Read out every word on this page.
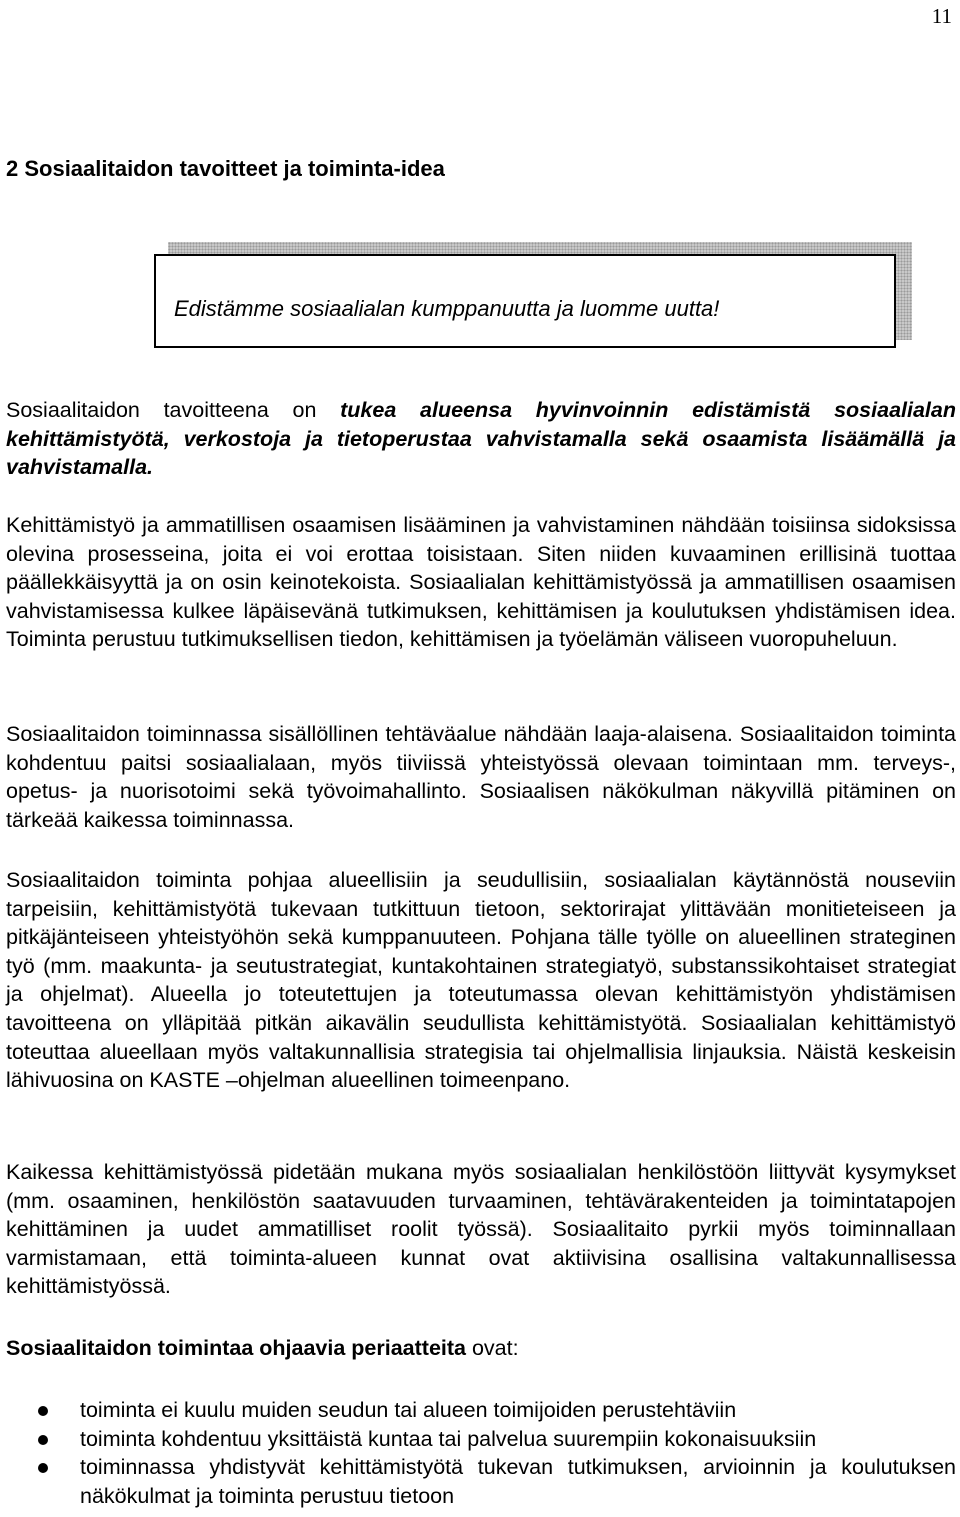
11
2 Sosiaalitaidon tavoitteet ja toiminta-idea
Edistämme sosiaalialan kumppanuutta ja luomme uutta!

Sosiaalitaidon tavoitteena on tukea alueensa hyvinvoinnin edistämistä sosiaalialan kehittämistyötä, verkostoja ja tietoperustaa vahvistamalla sekä osaamista lisäämällä ja vahvistamalla.

Kehittämistyö ja ammatillisen osaamisen lisääminen ja vahvistaminen nähdään toisiinsa sidoksissa olevina prosesseina, joita ei voi erottaa toisistaan. Siten niiden kuvaaminen erillisinä tuottaa päällekkäisyyttä ja on osin keinotekoista. Sosiaalialan kehittämistyössä ja ammatillisen osaamisen vahvistamisessa kulkee läpäisevänä tutkimuksen, kehittämisen ja koulutuksen yhdistämisen idea. Toiminta perustuu tutkimuksellisen tiedon, kehittämisen ja työelämän väliseen vuoropuheluun.

Sosiaalitaidon toiminnassa sisällöllinen tehtäväalue nähdään laaja-alaisena. Sosiaalitaidon toiminta kohdentuu paitsi sosiaalialaan, myös tiiviissä yhteistyössä olevaan toimintaan mm. terveys-, opetus- ja nuorisotoimi sekä työvoimahallinto. Sosiaalisen näkökulman näkyvillä pitäminen on tärkeää kaikessa toiminnassa.

Sosiaalitaidon toiminta pohjaa alueellisiin ja seudullisiin, sosiaalialan käytännöstä nouseviin tarpeisiin, kehittämistyötä tukevaan tutkittuun tietoon, sektorirajat ylittävään monitieteiseen ja pitkäjänteiseen yhteistyöhön sekä kumppanuuteen. Pohjana tälle työlle on alueellinen strateginen työ (mm. maakunta- ja seutustrategiat, kuntakohtainen strategiatyö, substanssikohtaiset strategiat ja ohjelmat). Alueella jo toteutettujen ja toteutumassa olevan kehittämistyön yhdistämisen tavoitteena on ylläpitää pitkän aikavälin seudullista kehittämistyötä. Sosiaalialan kehittämistyö toteuttaa alueellaan myös valtakunnallisia strategisia tai ohjelmallisia linjauksia. Näistä keskeisin lähivuosina on KASTE –ohjelman alueellinen toimeenpano.

Kaikessa kehittämistyössä pidetään mukana myös sosiaalialan henkilöstöön liittyvät kysymykset (mm. osaaminen, henkilöstön saatavuuden turvaaminen, tehtävärakenteiden ja toimintatapojen kehittäminen ja uudet ammatilliset roolit työssä). Sosiaalitaito pyrkii myös toiminnallaan varmistamaan, että toiminta-alueen kunnat ovat aktiivisina osallisina valtakunnallisessa kehittämistyössä.

Sosiaalitaidon toimintaa ohjaavia periaatteita ovat:

toiminta ei kuulu muiden seudun tai alueen toimijoiden perustehtäviin
toiminta kohdentuu yksittäistä kuntaa tai palvelua suurempiin kokonaisuuksiin
toiminnassa yhdistyvät kehittämistyötä tukevan tutkimuksen, arvioinnin ja koulutuksen näkökulmat ja toiminta perustuu tietoon
